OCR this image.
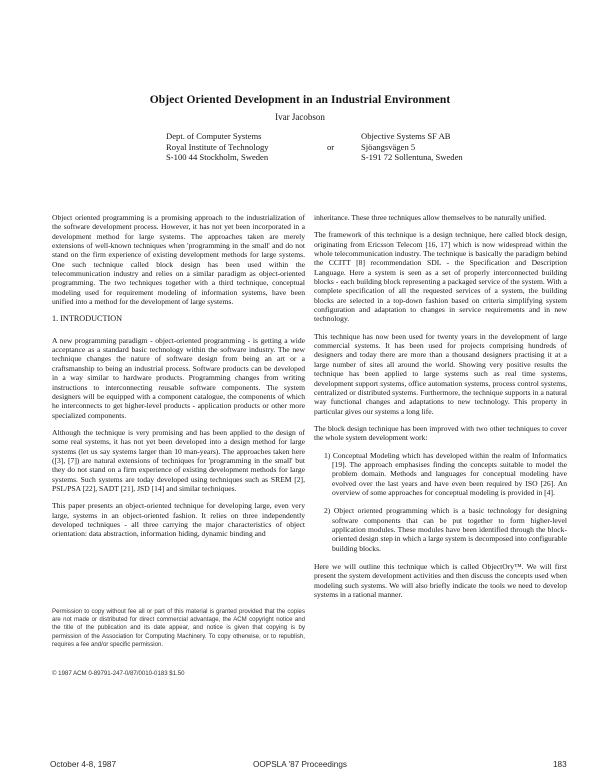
Object Oriented Development in an Industrial Environment
Ivar Jacobson
Dept. of Computer Systems
Royal Institute of Technology
S-100 44 Stockholm, Sweden
or
Objective Systems SF AB
Sjöangsvägen 5
S-191 72 Sollentuna, Sweden

Object oriented programming is a promising approach to the industrialization of the software development process. However, it has not yet been incorporated in a development method for large systems. The approaches taken are merely extensions of well-known techniques when 'programming in the small' and do not stand on the firm experience of existing development methods for large systems. One such technique called block design has been used within the telecommunication industry and relies on a similar paradigm as object-oriented programming. The two techniques together with a third technique, conceptual modeling used for requirement modeling of information systems, have been unified into a method for the development of large systems.

1. INTRODUCTION

A new programming paradigm - object-oriented programming - is getting a wide acceptance as a standard basic technology within the software industry. The new technique changes the nature of software design from being an art or a craftsmanship to being an industrial process. Software products can be developed in a way similar to hardware products. Programming changes from writing instructions to interconnecting reusable software components. The system designers will be equipped with a component catalogue, the components of which he interconnects to get higher-level products - application products or other more specialized components.

Although the technique is very promising and has been applied to the design of some real systems, it has not yet been developed into a design method for large systems (let us say systems larger than 10 man-years). The approaches taken here ([3], [7]) are natural extensions of techniques for 'programming in the small' but they do not stand on a firm experience of existing development methods for large systems. Such systems are today developed using techniques such as SREM [2], PSL/PSA [22], SADT [21], JSD [14] and similar techniques.

This paper presents an object-oriented technique for developing large, even very large, systems in an object-oriented fashion. It relies on three independently developed techniques - all three carrying the major characteristics of object orientation: data abstraction, information hiding, dynamic binding and

inheritance. These three techniques allow themselves to be naturally unified.

The framework of this technique is a design technique, here called block design, originating from Ericsson Telecom [16, 17] which is now widespread within the whole telecommunication industry. The technique is basically the paradigm behind the CCITT [8] recommendation SDL - the Specification and Description Language. Here a system is seen as a set of properly interconnected building blocks - each building block representing a packaged service of the system. With a complete specification of all the requested services of a system, the building blocks are selected in a top-down fashion based on criteria simplifying system configuration and adaptation to changes in service requirements and in new technology.

This technique has now been used for twenty years in the development of large commercial systems. It has been used for projects comprising hundreds of designers and today there are more than a thousand designers practising it at a large number of sites all around the world. Showing very positive results the technique has been applied to large systems such as real time systems, development support systems, office automation systems, process control systems, centralized or distributed systems. Furthermore, the technique supports in a natural way functional changes and adaptations to new technology. This property in particular gives our systems a long life.

The block design technique has been improved with two other techniques to cover the whole system development work:

1) Conceptual Modeling which has developed within the realm of Informatics [19]. The approach emphasises finding the concepts suitable to model the problem domain. Methods and languages for conceptual modeling have evolved over the last years and have even been required by ISO [26]. An overview of some approaches for conceptual modeling is provided in [4].

2) Object oriented programming which is a basic technology for designing software components that can be put together to form higher-level application modules. These modules have been identified through the block-oriented design step in which a large system is decomposed into configurable building blocks.

Here we will outline this technique which is called ObjectOry™. We will first present the system development activities and then discuss the concepts used when modeling such systems. We will also briefly indicate the tools we need to develop systems in a rational manner.

Permission to copy without fee all or part of this material is granted provided that the copies are not made or distributed for direct commercial advantage, the ACM copyright notice and the title of the publication and its date appear, and notice is given that copying is by permission of the Association for Computing Machinery. To copy otherwise, or to republish, requires a fee and/or specific permission.
© 1987 ACM 0-89791-247-0/87/0010-0183 $1.50
October 4-8, 1987	OOPSLA '87 Proceedings	183
